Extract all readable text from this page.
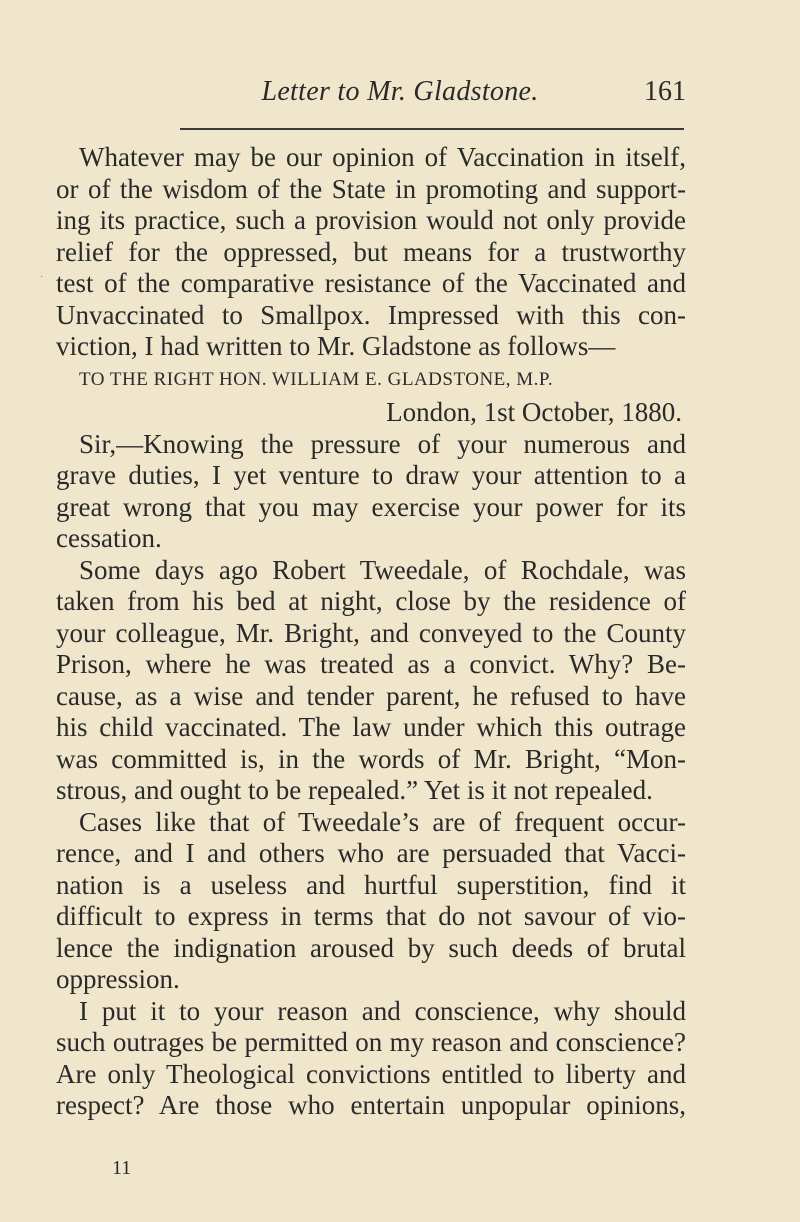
Letter to Mr. Gladstone.	161
·
Whatever may be our opinion of Vaccination in itself,
or of the wisdom of the State in promoting and support-
ing its practice, such a provision would not only provide
relief for the oppressed, but means for a trustworthy
test of the comparative resistance of the Vaccinated and
Unvaccinated to Smallpox. Impressed with this con-
viction, I had written to Mr. Gladstone as follows—
TO THE RIGHT HON. WILLIAM E. GLADSTONE, M.P.
London, 1st October, 1880.
Sir,—Knowing the pressure of your numerous and
grave duties, I yet venture to draw your attention to a
great wrong that you may exercise your power for its
cessation.
Some days ago Robert Tweedale, of Rochdale, was
taken from his bed at night, close by the residence of
your colleague, Mr. Bright, and conveyed to the County
Prison, where he was treated as a convict. Why? Be-
cause, as a wise and tender parent, he refused to have
his child vaccinated. The law under which this outrage
was committed is, in the words of Mr. Bright, “Mon-
strous, and ought to be repealed.” Yet is it not repealed.
Cases like that of Tweedale’s are of frequent occur-
rence, and I and others who are persuaded that Vacci-
nation is a useless and hurtful superstition, find it
difficult to express in terms that do not savour of vio-
lence the indignation aroused by such deeds of brutal
oppression.
I put it to your reason and conscience, why should
such outrages be permitted on my reason and conscience?
Are only Theological convictions entitled to liberty and
respect? Are those who entertain unpopular opinions,
11
